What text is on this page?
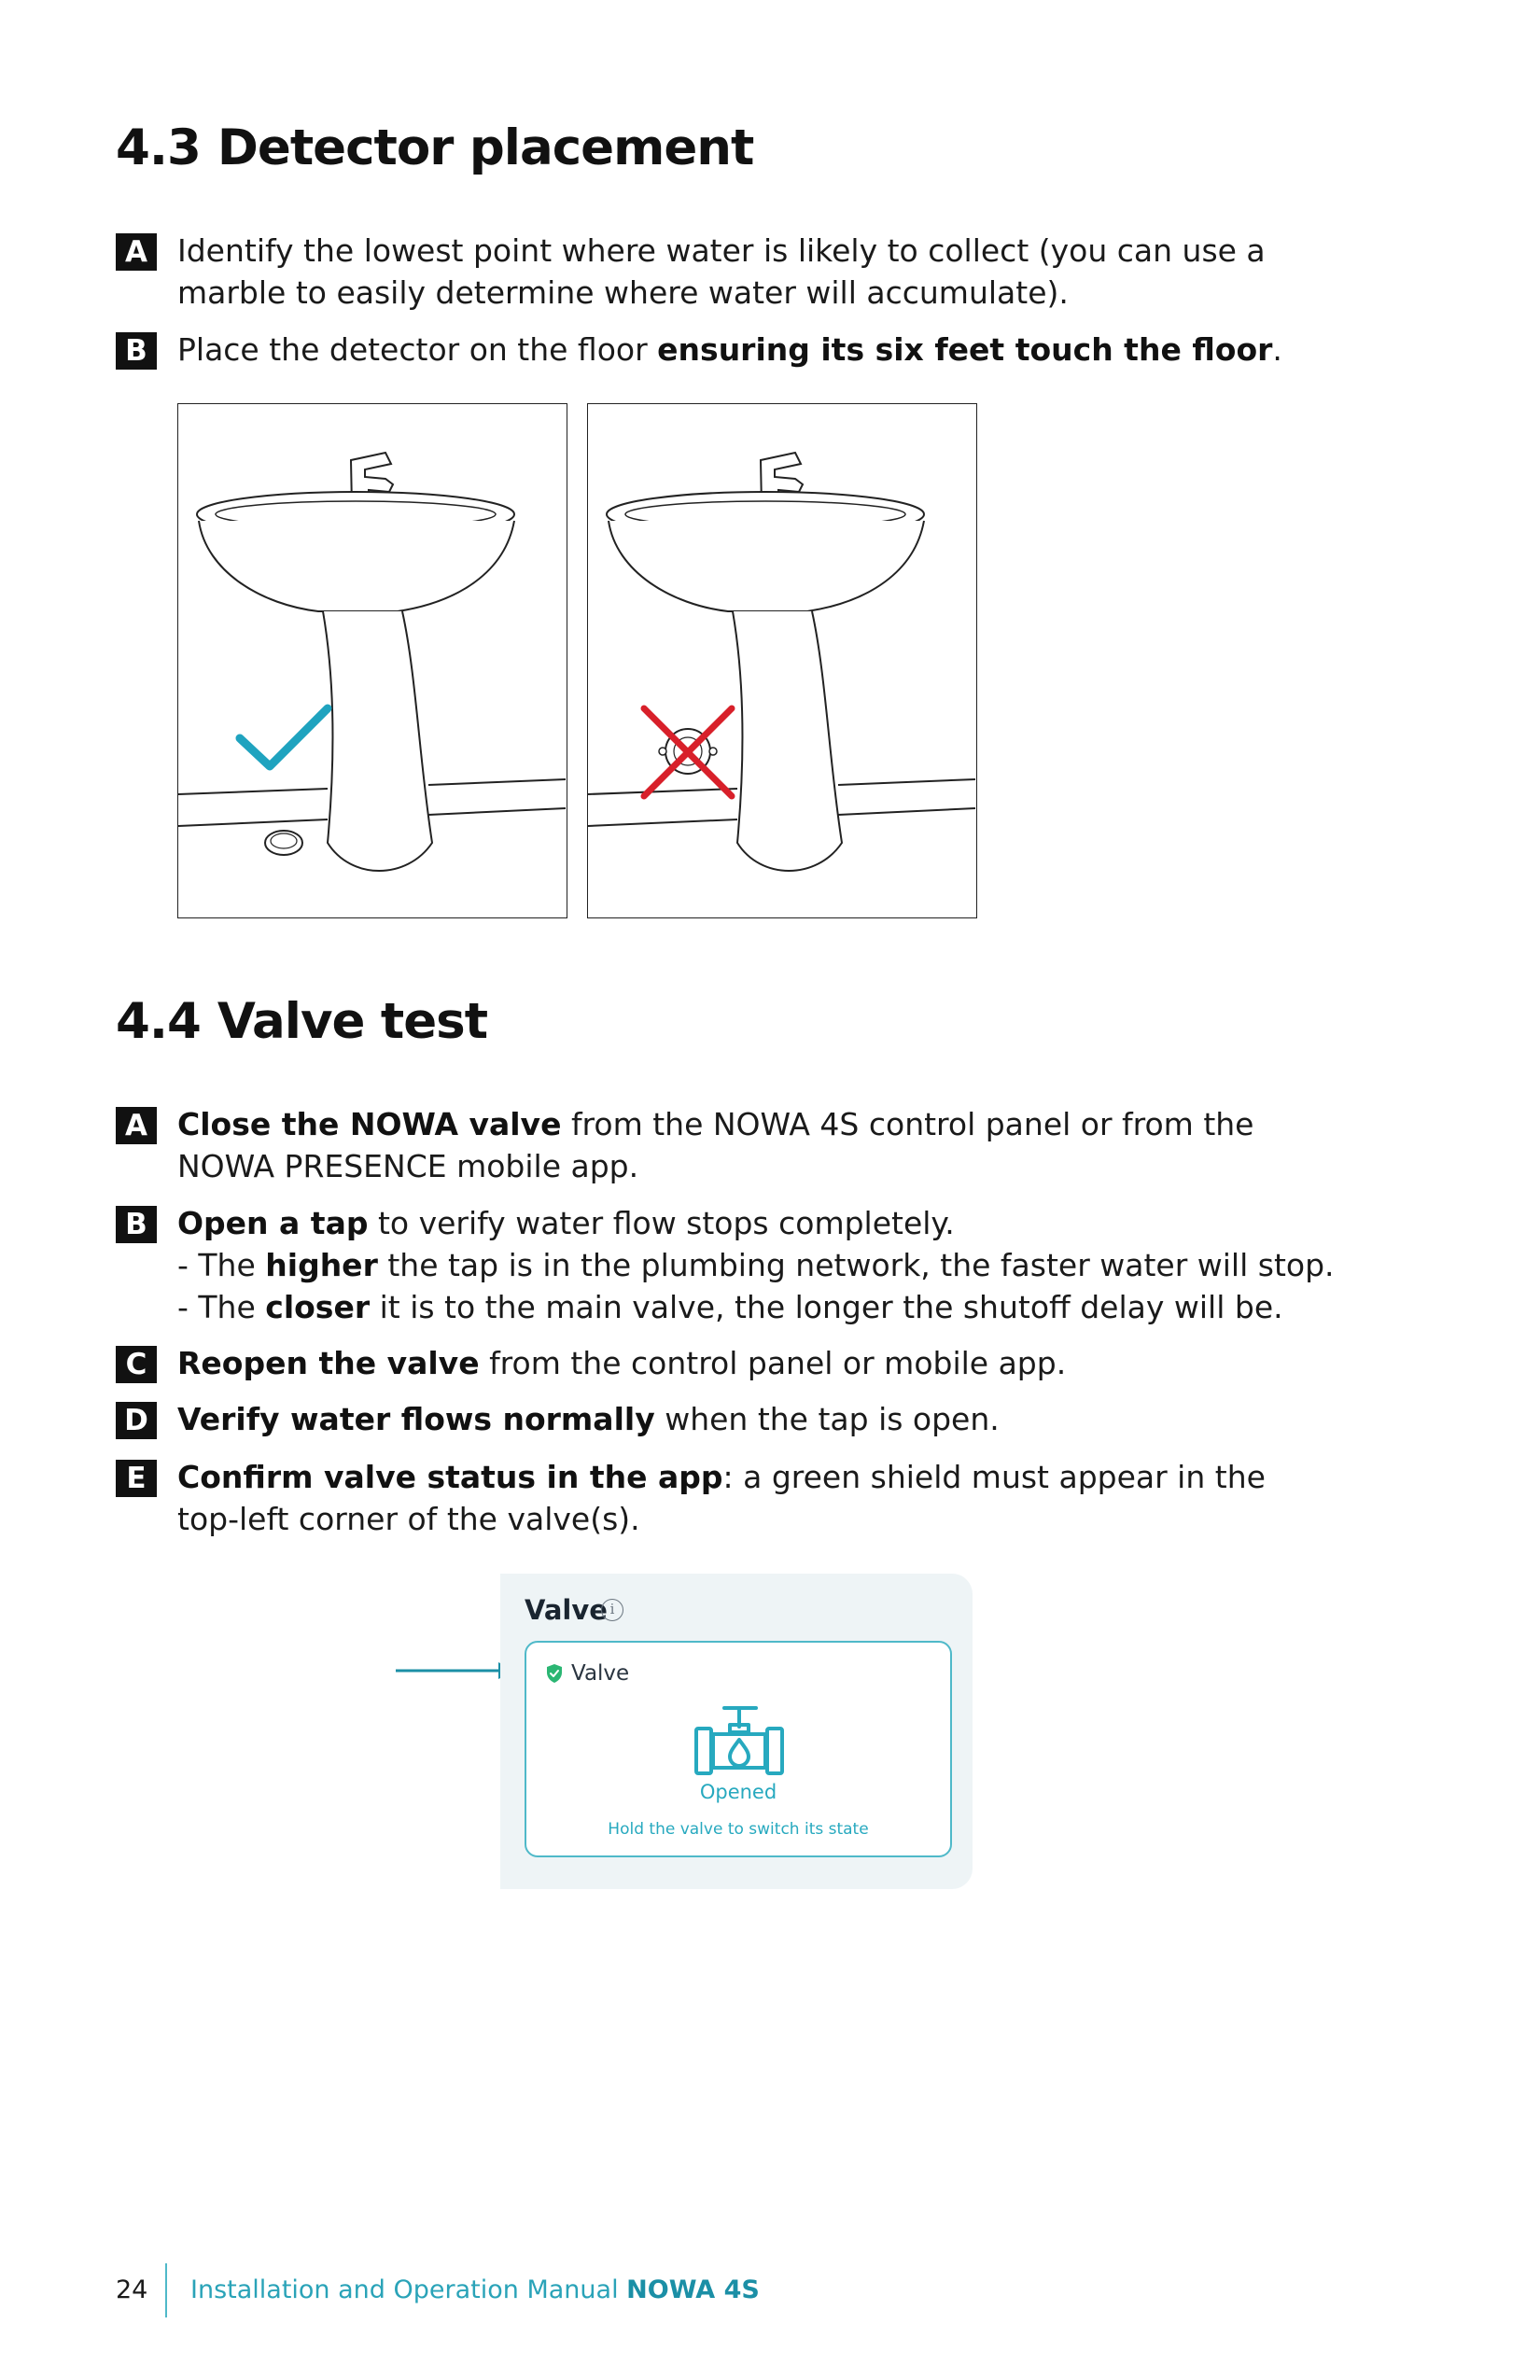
4.3 Detector placement
A Identify the lowest point where water is likely to collect (you can use a marble to easily determine where water will accumulate).
B Place the detector on the floor ensuring its six feet touch the floor.
4.4 Valve test
A Close the NOWA valve from the NOWA 4S control panel or from the NOWA PRESENCE mobile app.
B Open a tap to verify water flow stops completely.
- The higher the tap is in the plumbing network, the faster water will stop.
- The closer it is to the main valve, the longer the shutoff delay will be.
C Reopen the valve from the control panel or mobile app.
D Verify water flows normally when the tap is open.
E	Confirm valve status in the app: a green shield must appear in the top-left corner of the valve(s).
Valve i
Valve
Opened
Hold the valve to switch its state
24 Installation and Operation Manual NOWA 4S
